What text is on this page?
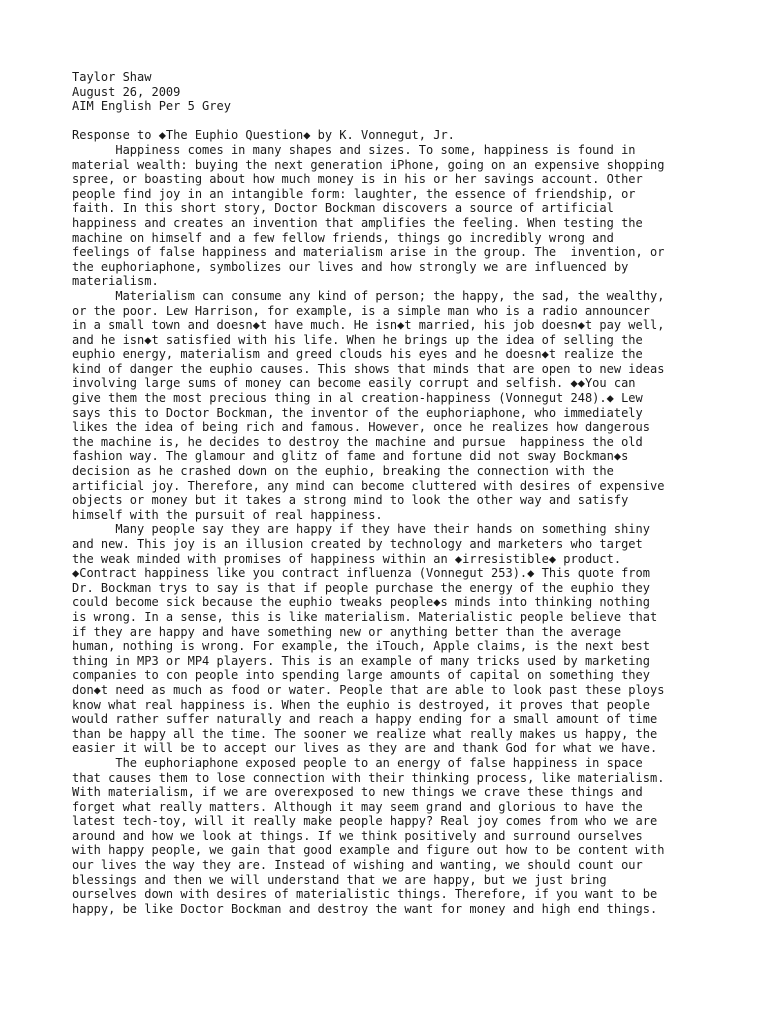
Taylor Shaw
August 26, 2009
AIM English Per 5 Grey
Response to ◆The Euphio Question◆ by K. Vonnegut, Jr.
Happiness comes in many shapes and sizes. To some, happiness is found in
material wealth: buying the next generation iPhone, going on an expensive shopping
spree, or boasting about how much money is in his or her savings account. Other
people find joy in an intangible form: laughter, the essence of friendship, or
faith. In this short story, Doctor Bockman discovers a source of artificial
happiness and creates an invention that amplifies the feeling. When testing the
machine on himself and a few fellow friends, things go incredibly wrong and
feelings of false happiness and materialism arise in the group. The  invention, or
the euphoriaphone, symbolizes our lives and how strongly we are influenced by
materialism.
Materialism can consume any kind of person; the happy, the sad, the wealthy,
or the poor. Lew Harrison, for example, is a simple man who is a radio announcer
in a small town and doesn◆t have much. He isn◆t married, his job doesn◆t pay well,
and he isn◆t satisfied with his life. When he brings up the idea of selling the
euphio energy, materialism and greed clouds his eyes and he doesn◆t realize the
kind of danger the euphio causes. This shows that minds that are open to new ideas
involving large sums of money can become easily corrupt and selfish. ◆◆You can
give them the most precious thing in al creation-happiness (Vonnegut 248).◆ Lew
says this to Doctor Bockman, the inventor of the euphoriaphone, who immediately
likes the idea of being rich and famous. However, once he realizes how dangerous
the machine is, he decides to destroy the machine and pursue  happiness the old
fashion way. The glamour and glitz of fame and fortune did not sway Bockman◆s
decision as he crashed down on the euphio, breaking the connection with the
artificial joy. Therefore, any mind can become cluttered with desires of expensive
objects or money but it takes a strong mind to look the other way and satisfy
himself with the pursuit of real happiness.
Many people say they are happy if they have their hands on something shiny
and new. This joy is an illusion created by technology and marketers who target
the weak minded with promises of happiness within an ◆irresistible◆ product.
◆Contract happiness like you contract influenza (Vonnegut 253).◆ This quote from
Dr. Bockman trys to say is that if people purchase the energy of the euphio they
could become sick because the euphio tweaks people◆s minds into thinking nothing
is wrong. In a sense, this is like materialism. Materialistic people believe that
if they are happy and have something new or anything better than the average
human, nothing is wrong. For example, the iTouch, Apple claims, is the next best
thing in MP3 or MP4 players. This is an example of many tricks used by marketing
companies to con people into spending large amounts of capital on something they
don◆t need as much as food or water. People that are able to look past these ploys
know what real happiness is. When the euphio is destroyed, it proves that people
would rather suffer naturally and reach a happy ending for a small amount of time
than be happy all the time. The sooner we realize what really makes us happy, the
easier it will be to accept our lives as they are and thank God for what we have.
The euphoriaphone exposed people to an energy of false happiness in space
that causes them to lose connection with their thinking process, like materialism.
With materialism, if we are overexposed to new things we crave these things and
forget what really matters. Although it may seem grand and glorious to have the
latest tech-toy, will it really make people happy? Real joy comes from who we are
around and how we look at things. If we think positively and surround ourselves
with happy people, we gain that good example and figure out how to be content with
our lives the way they are. Instead of wishing and wanting, we should count our
blessings and then we will understand that we are happy, but we just bring
ourselves down with desires of materialistic things. Therefore, if you want to be
happy, be like Doctor Bockman and destroy the want for money and high end things.
